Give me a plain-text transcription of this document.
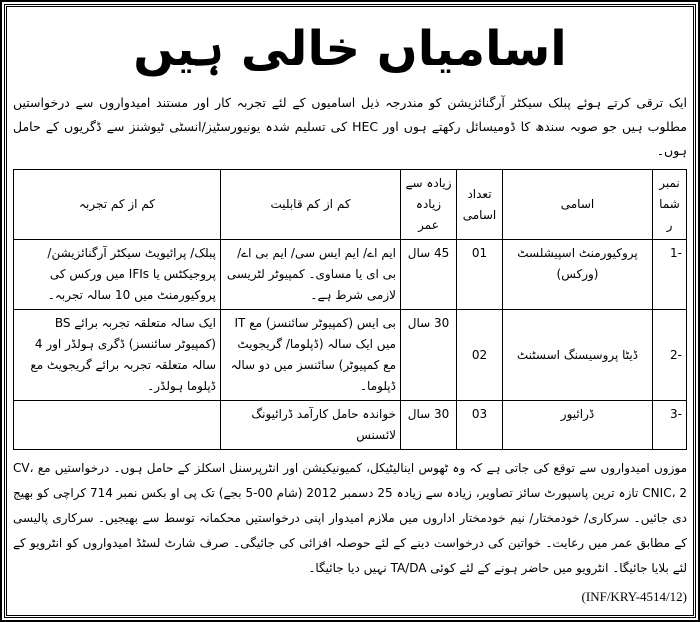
اسامیاں خالی ہیں
ایک ترقی کرتے ہوئے پبلک سیکٹر آرگنائزیشن کو مندرجہ ذیل اسامیوں کے لئے تجربہ کار اور مستند امیدواروں سے درخواستیں مطلوب ہیں جو صوبہ سندھ کا ڈومیسائل رکھتے ہوں اور HEC کی تسلیم شدہ یونیورسٹیز/انسٹی ٹیوشنز سے ڈگریوں کے حامل ہوں۔
نمبر شمار	اسامی	تعداد اسامی	زیادہ سے زیادہ عمر	کم از کم قابلیت	کم از کم تجربہ
-1	پروکیورمنٹ اسپیشلسٹ (ورکس)	01	45 سال	ایم اے/ ایم ایس سی/ ایم بی اے/ بی ای یا مساوی۔ کمپیوٹر لٹریسی لازمی شرط ہے۔	پبلک/ پرائیویٹ سیکٹر آرگنائزیشن/ پروجیکٹس یا IFIs میں ورکس کی پروکیورمنٹ میں 10 سالہ تجربہ۔
-2	ڈیٹا پروسیسنگ اسسٹنٹ	02	30 سال	بی ایس (کمپیوٹر سائنسز) مع IT میں ایک سالہ (ڈپلوما/ گریجویٹ مع کمپیوٹر) سائنسز میں دو سالہ ڈپلوما۔	ایک سالہ متعلقہ تجربہ برائے BS (کمپیوٹر سائنسز) ڈگری ہولڈر اور 4 سالہ متعلقہ تجربہ برائے گریجویٹ مع ڈپلوما ہولڈر۔
-3	ڈرائیور	03	30 سال	خواندہ حامل کارآمد ڈرائیونگ لائسنس	
موزوں امیدواروں سے توقع کی جاتی ہے کہ وہ ٹھوس اینالیٹیکل، کمیونیکیشن اور انٹرپرسنل اسکلز کے حامل ہوں۔ درخواستیں مع CV، CNIC، 2 تازہ ترین پاسپورٹ سائز تصاویر، زیادہ سے زیادہ 25 دسمبر 2012 (شام 00-5 بجے) تک پی او بکس نمبر 714 کراچی کو بھیج دی جائیں۔ سرکاری/ خودمختار/ نیم خودمختار اداروں میں ملازم امیدوار اپنی درخواستیں محکمانہ توسط سے بھیجیں۔ سرکاری پالیسی کے مطابق عمر میں رعایت۔ خواتین کی درخواست دینے کے لئے حوصلہ افزائی کی جائیگی۔ صرف شارٹ لسٹڈ امیدواروں کو انٹرویو کے لئے بلایا جائیگا۔ انٹرویو میں حاضر ہونے کے لئے کوئی TA/DA نہیں دیا جائیگا۔
(INF/KRY-4514/12)
